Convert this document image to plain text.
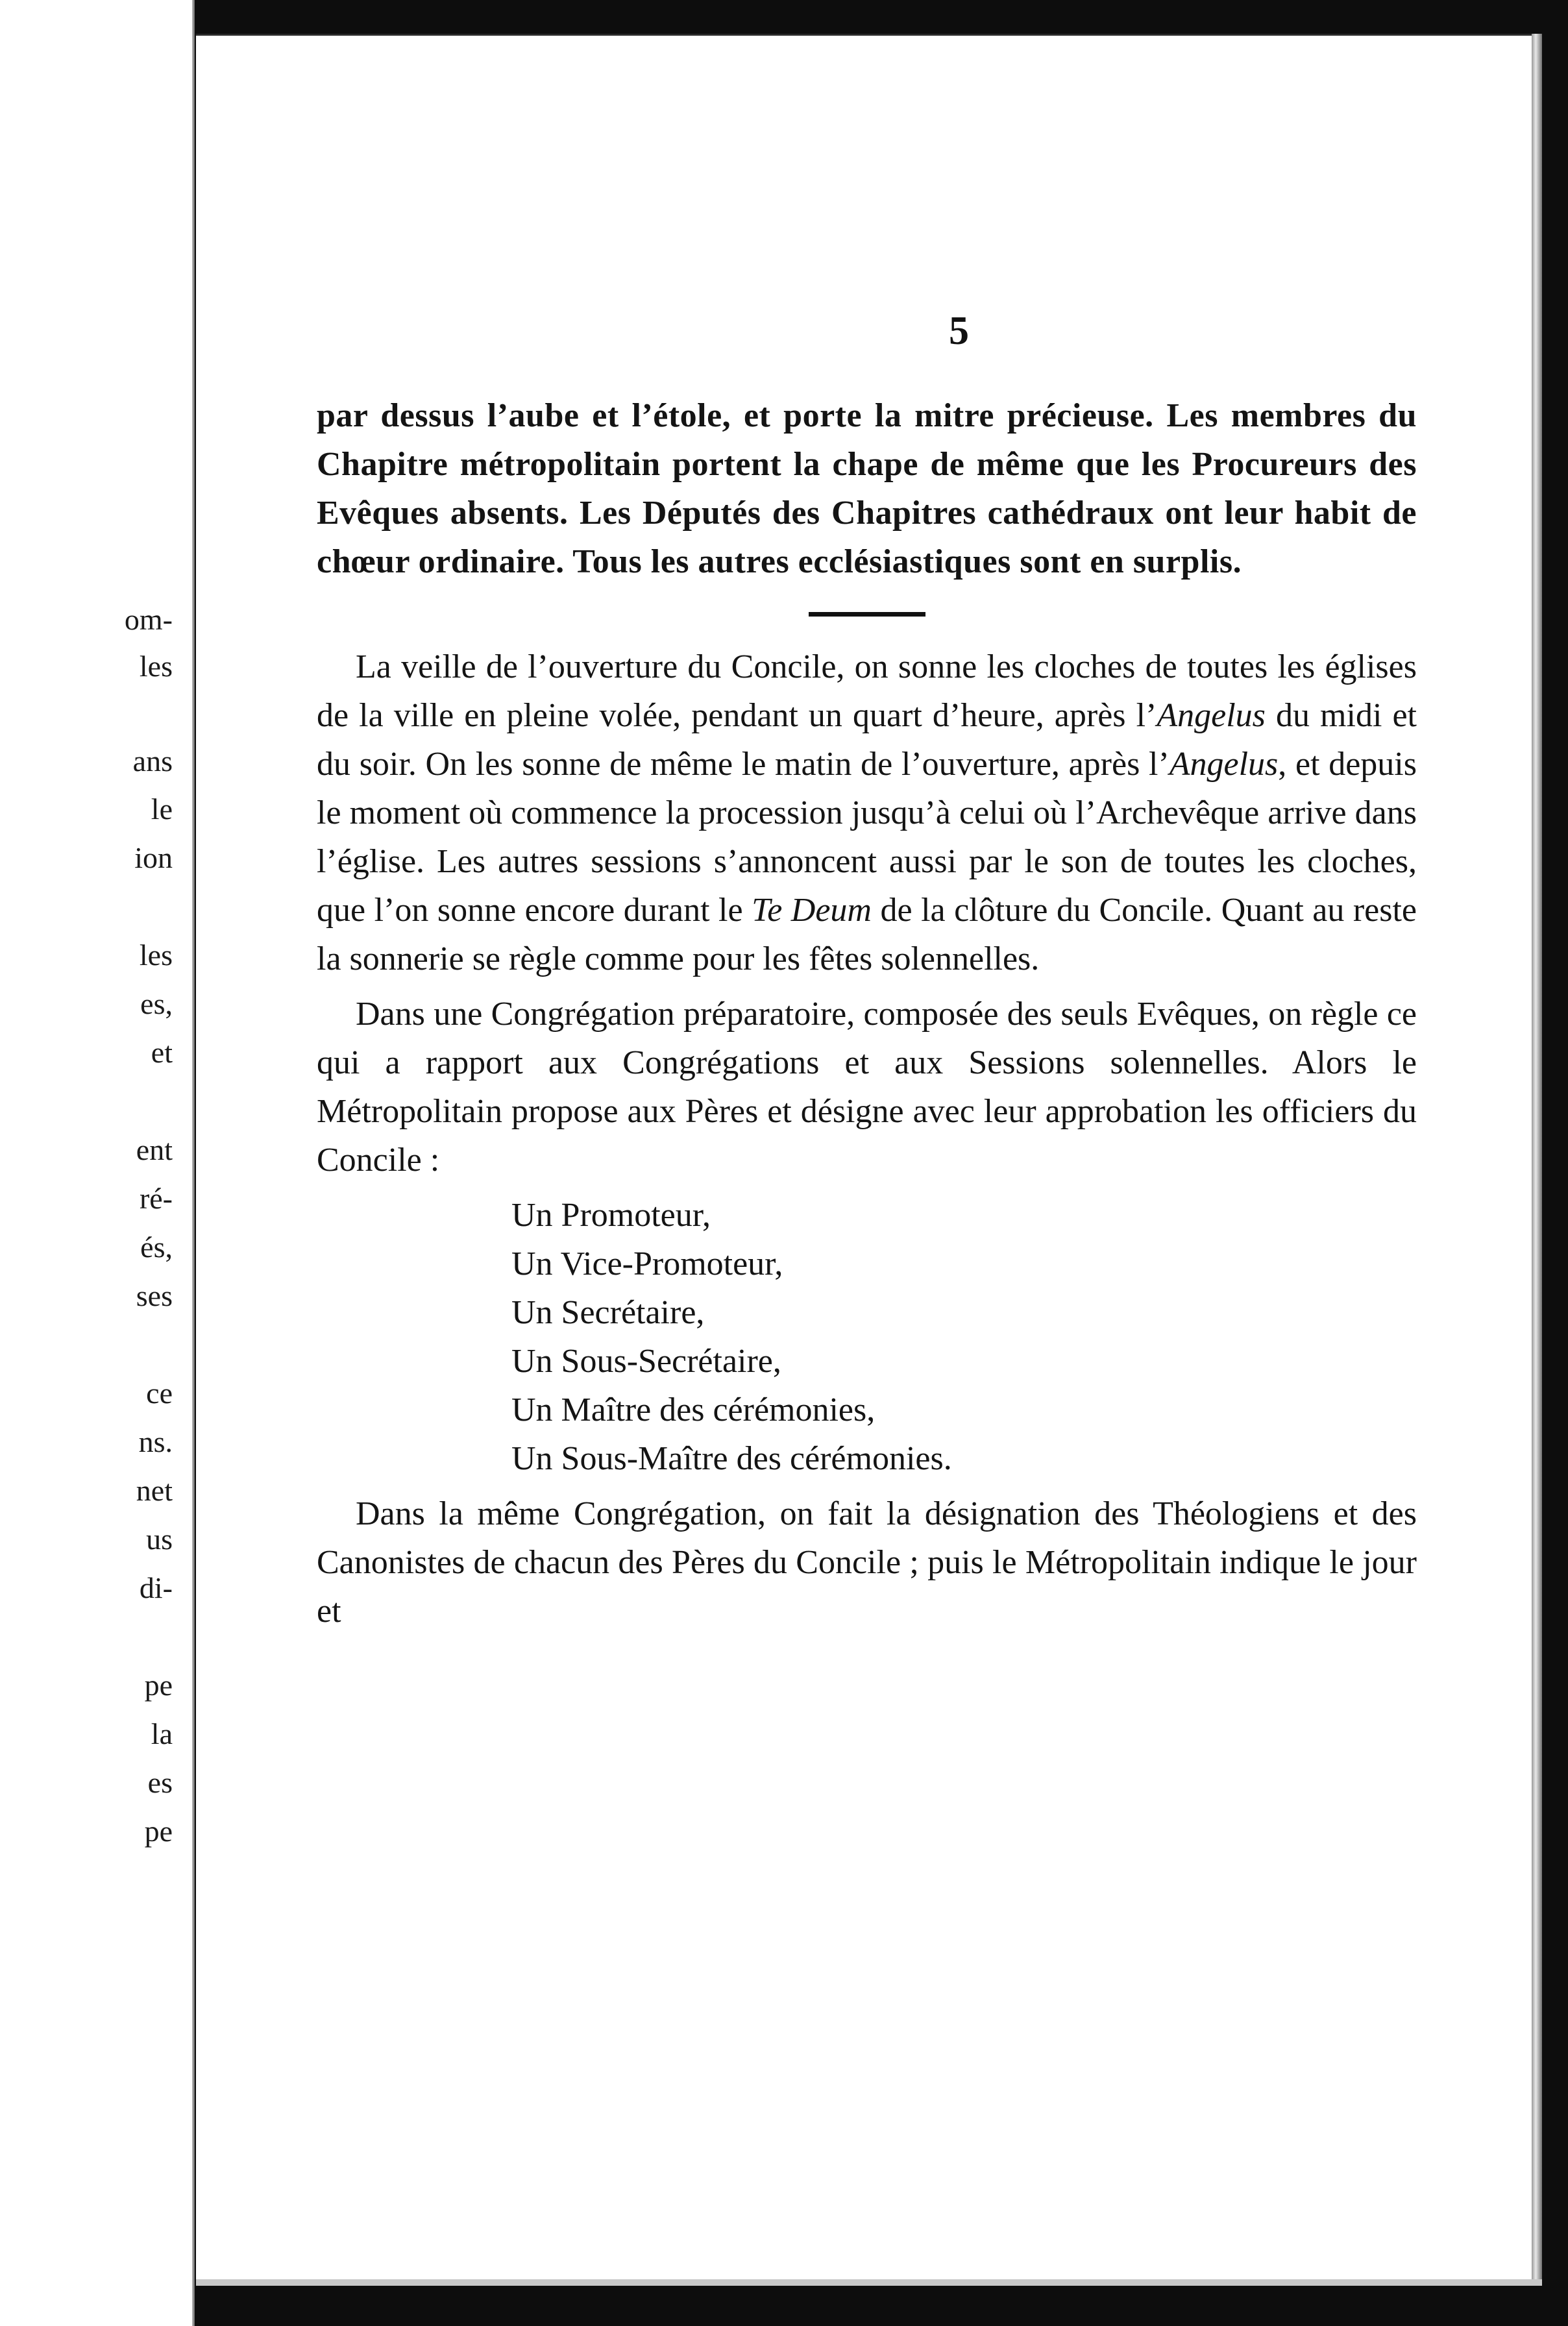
om-
les
ans
le
ion
les
es,
et
ent
ré-
és,
ses
ce
ns.
net
us
di-
pe
la
es
pe
5

par dessus l’aube et l’étole, et porte la mitre précieuse. Les membres du Chapitre métropolitain portent la chape de même que les Procureurs des Evêques absents. Les Députés des Chapitres cathédraux ont leur habit de chœur ordinaire. Tous les autres ecclésiastiques sont en surplis.

La veille de l’ouverture du Concile, on sonne les cloches de toutes les églises de la ville en pleine volée, pendant un quart d’heure, après l’Angelus du midi et du soir. On les sonne de même le matin de l’ouverture, après l’Angelus, et depuis le moment où commence la procession jusqu’à celui où l’Archevêque arrive dans l’église. Les autres sessions s’annoncent aussi par le son de toutes les cloches, que l’on sonne encore durant le Te Deum de la clôture du Concile. Quant au reste la sonnerie se règle comme pour les fêtes solennelles.

Dans une Congrégation préparatoire, composée des seuls Evêques, on règle ce qui a rapport aux Congrégations et aux Sessions solennelles. Alors le Métropolitain propose aux Pères et désigne avec leur approbation les officiers du Concile :

Un Promoteur,
Un Vice-Promoteur,
Un Secrétaire,
Un Sous-Secrétaire,
Un Maître des cérémonies,
Un Sous-Maître des cérémonies.

Dans la même Congrégation, on fait la désignation des Théologiens et des Canonistes de chacun des Pères du Concile ; puis le Métropolitain indique le jour et
